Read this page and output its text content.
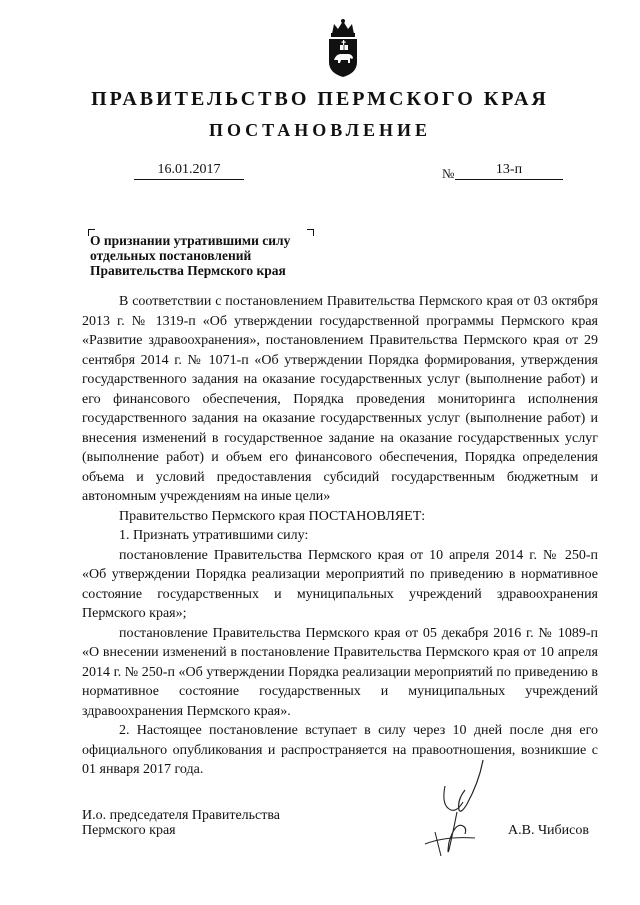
ПРАВИТЕЛЬСТВО ПЕРМСКОГО КРАЯ
ПОСТАНОВЛЕНИЕ
16.01.2017	№	13-п
О признании утратившими силу
отдельных постановлений
Правительства Пермского края

В соответствии с постановлением Правительства Пермского края от 03 октября 2013 г. № 1319-п «Об утверждении государственной программы Пермского края «Развитие здравоохранения», постановлением Правительства Пермского края от 29 сентября 2014 г. № 1071-п «Об утверждении Порядка формирования, утверждения государственного задания на оказание государственных услуг (выполнение работ) и его финансового обеспечения, Порядка проведения мониторинга исполнения государственного задания на оказание государственных услуг (выполнение работ) и внесения изменений в государственное задание на оказание государственных услуг (выполнение работ) и объем его финансового обеспечения, Порядка определения объема и условий предоставления субсидий государственным бюджетным и автономным учреждениям на иные цели»

Правительство Пермского края ПОСТАНОВЛЯЕТ:

1. Признать утратившими силу:

постановление Правительства Пермского края от 10 апреля 2014 г. № 250-п «Об утверждении Порядка реализации мероприятий по приведению в нормативное состояние государственных и муниципальных учреждений здравоохранения Пермского края»;

постановление Правительства Пермского края от 05 декабря 2016 г. № 1089-п «О внесении изменений в постановление Правительства Пермского края от 10 апреля 2014 г. № 250-п «Об утверждении Порядка реализации мероприятий по приведению в нормативное состояние государственных и муниципальных учреждений здравоохранения Пермского края».

2. Настоящее постановление вступает в силу через 10 дней после дня его официального опубликования и распространяется на правоотношения, возникшие с 01 января 2017 года.

И.о. председателя Правительства
Пермского края	А.В. Чибисов
